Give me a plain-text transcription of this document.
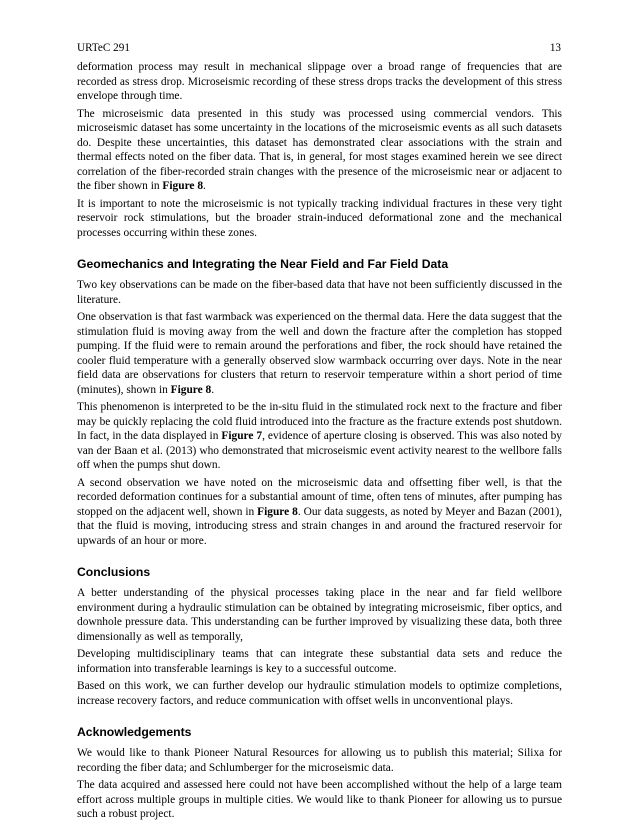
URTeC 291	13

deformation process may result in mechanical slippage over a broad range of frequencies that are recorded as stress drop. Microseismic recording of these stress drops tracks the development of this stress envelope through time.

The microseismic data presented in this study was processed using commercial vendors. This microseismic dataset has some uncertainty in the locations of the microseismic events as all such datasets do. Despite these uncertainties, this dataset has demonstrated clear associations with the strain and thermal effects noted on the fiber data. That is, in general, for most stages examined herein we see direct correlation of the fiber-recorded strain changes with the presence of the microseismic near or adjacent to the fiber shown in Figure 8.

It is important to note the microseismic is not typically tracking individual fractures in these very tight reservoir rock stimulations, but the broader strain-induced deformational zone and the mechanical processes occurring within these zones.

Geomechanics and Integrating the Near Field and Far Field Data

Two key observations can be made on the fiber-based data that have not been sufficiently discussed in the literature.

One observation is that fast warmback was experienced on the thermal data. Here the data suggest that the stimulation fluid is moving away from the well and down the fracture after the completion has stopped pumping. If the fluid were to remain around the perforations and fiber, the rock should have retained the cooler fluid temperature with a generally observed slow warmback occurring over days. Note in the near field data are observations for clusters that return to reservoir temperature within a short period of time (minutes), shown in Figure 8.

This phenomenon is interpreted to be the in-situ fluid in the stimulated rock next to the fracture and fiber may be quickly replacing the cold fluid introduced into the fracture as the fracture extends post shutdown. In fact, in the data displayed in Figure 7, evidence of aperture closing is observed. This was also noted by van der Baan et al. (2013) who demonstrated that microseismic event activity nearest to the wellbore falls off when the pumps shut down.

A second observation we have noted on the microseismic data and offsetting fiber well, is that the recorded deformation continues for a substantial amount of time, often tens of minutes, after pumping has stopped on the adjacent well, shown in Figure 8. Our data suggests, as noted by Meyer and Bazan (2001), that the fluid is moving, introducing stress and strain changes in and around the fractured reservoir for upwards of an hour or more.

Conclusions

A better understanding of the physical processes taking place in the near and far field wellbore environment during a hydraulic stimulation can be obtained by integrating microseismic, fiber optics, and downhole pressure data. This understanding can be further improved by visualizing these data, both three dimensionally as well as temporally,

Developing multidisciplinary teams that can integrate these substantial data sets and reduce the information into transferable learnings is key to a successful outcome.

Based on this work, we can further develop our hydraulic stimulation models to optimize completions, increase recovery factors, and reduce communication with offset wells in unconventional plays.

Acknowledgements

We would like to thank Pioneer Natural Resources for allowing us to publish this material; Silixa for recording the fiber data; and Schlumberger for the microseismic data.

The data acquired and assessed here could not have been accomplished without the help of a large team effort across multiple groups in multiple cities. We would like to thank Pioneer for allowing us to pursue such a robust project.
